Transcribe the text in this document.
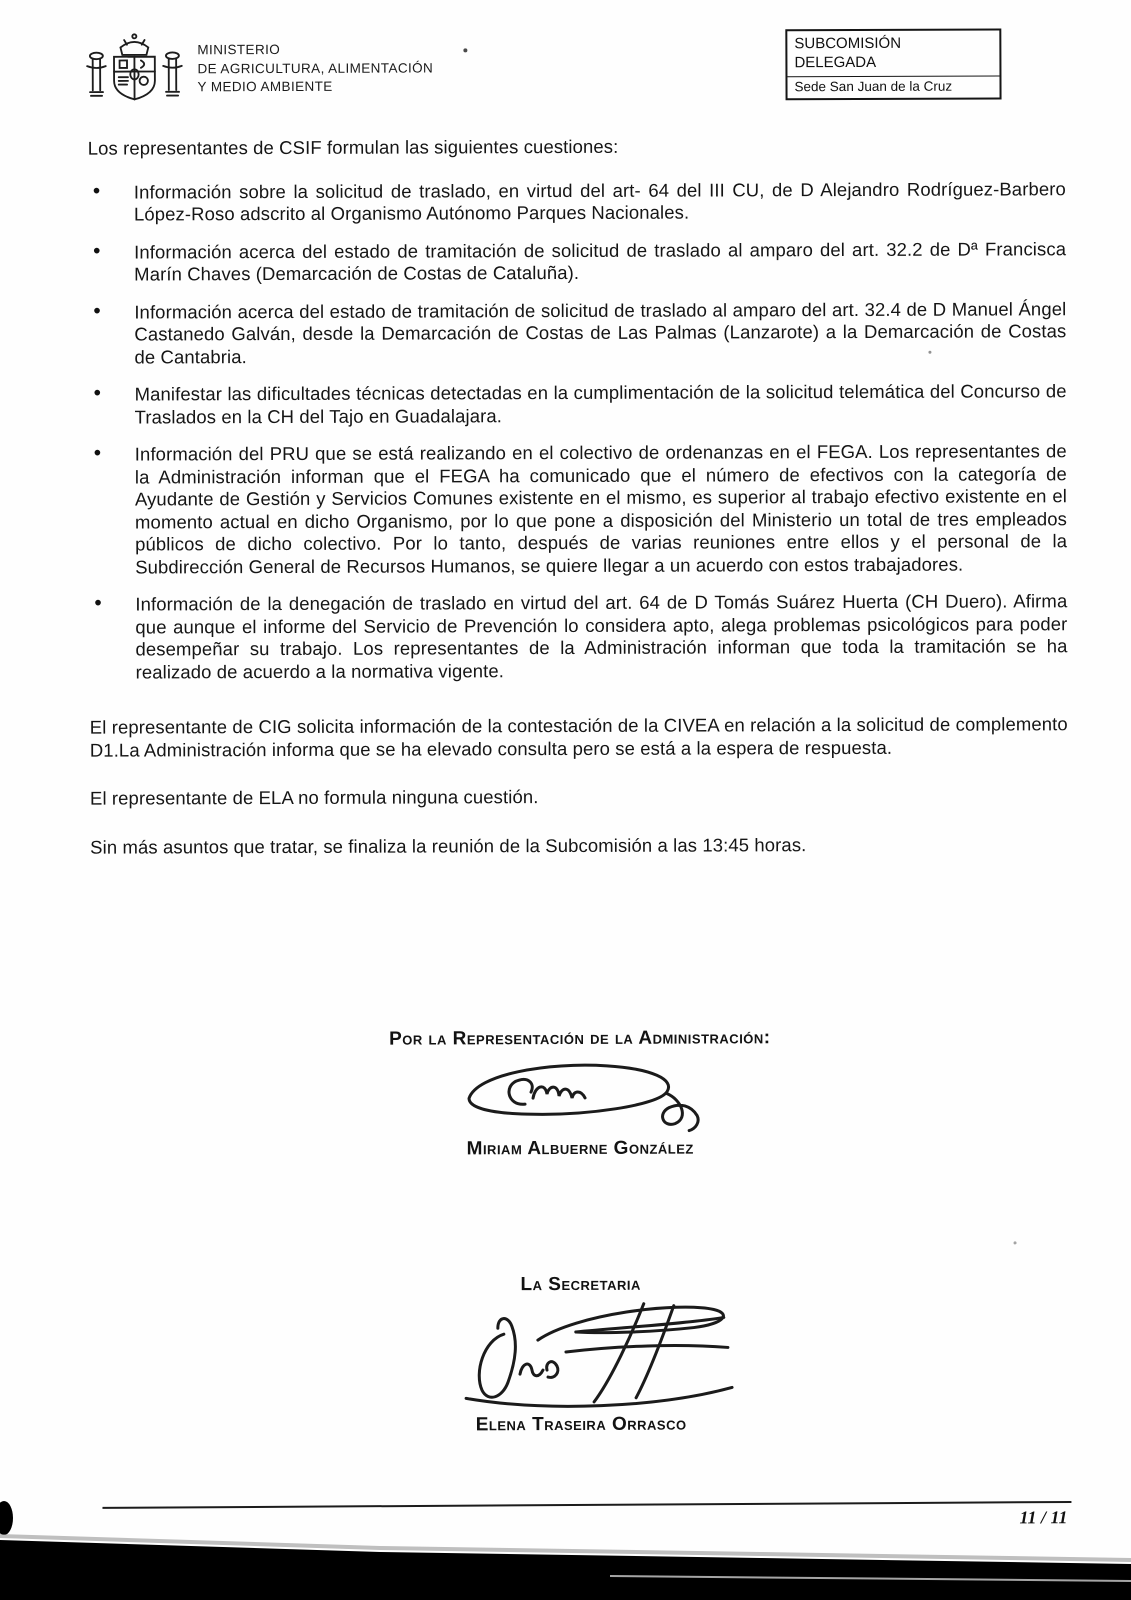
MINISTERIO
DE AGRICULTURA, ALIMENTACIÓN
Y MEDIO AMBIENTE
SUBCOMISIÓN
DELEGADA
Sede San Juan de la Cruz

Los representantes de CSIF formulan las siguientes cuestiones:

• Información sobre la solicitud de traslado, en virtud del art- 64 del III CU, de D Alejandro Rodríguez-Barbero López-Roso adscrito al Organismo Autónomo Parques Nacionales.
• Información acerca del estado de tramitación de solicitud de traslado al amparo del art. 32.2 de Dª Francisca Marín Chaves (Demarcación de Costas de Cataluña).
• Información acerca del estado de tramitación de solicitud de traslado al amparo del art. 32.4 de D Manuel Ángel Castanedo Galván, desde la Demarcación de Costas de Las Palmas (Lanzarote) a la Demarcación de Costas de Cantabria.
• Manifestar las dificultades técnicas detectadas en la cumplimentación de la solicitud telemática del Concurso de Traslados en la CH del Tajo en Guadalajara.
• Información del PRU que se está realizando en el colectivo de ordenanzas en el FEGA. Los representantes de la Administración informan que el FEGA ha comunicado que el número de efectivos con la categoría de Ayudante de Gestión y Servicios Comunes existente en el mismo, es superior al trabajo efectivo existente en el momento actual en dicho Organismo, por lo que pone a disposición del Ministerio un total de tres empleados públicos de dicho colectivo. Por lo tanto, después de varias reuniones entre ellos y el personal de la Subdirección General de Recursos Humanos, se quiere llegar a un acuerdo con estos trabajadores.
• Información de la denegación de traslado en virtud del art. 64 de D Tomás Suárez Huerta (CH Duero). Afirma que aunque el informe del Servicio de Prevención lo considera apto, alega problemas psicológicos para poder desempeñar su trabajo. Los representantes de la Administración informan que toda la tramitación se ha realizado de acuerdo a la normativa vigente.

El representante de CIG solicita información de la contestación de la CIVEA en relación a la solicitud de complemento D1.La Administración informa que se ha elevado consulta pero se está a la espera de respuesta.

El representante de ELA no formula ninguna cuestión.

Sin más asuntos que tratar, se finaliza la reunión de la Subcomisión a las 13:45 horas.

Por la Representación de la Administración:
Miriam Albuerne González
La Secretaria
Elena Traseira Orrasco
11 / 11
